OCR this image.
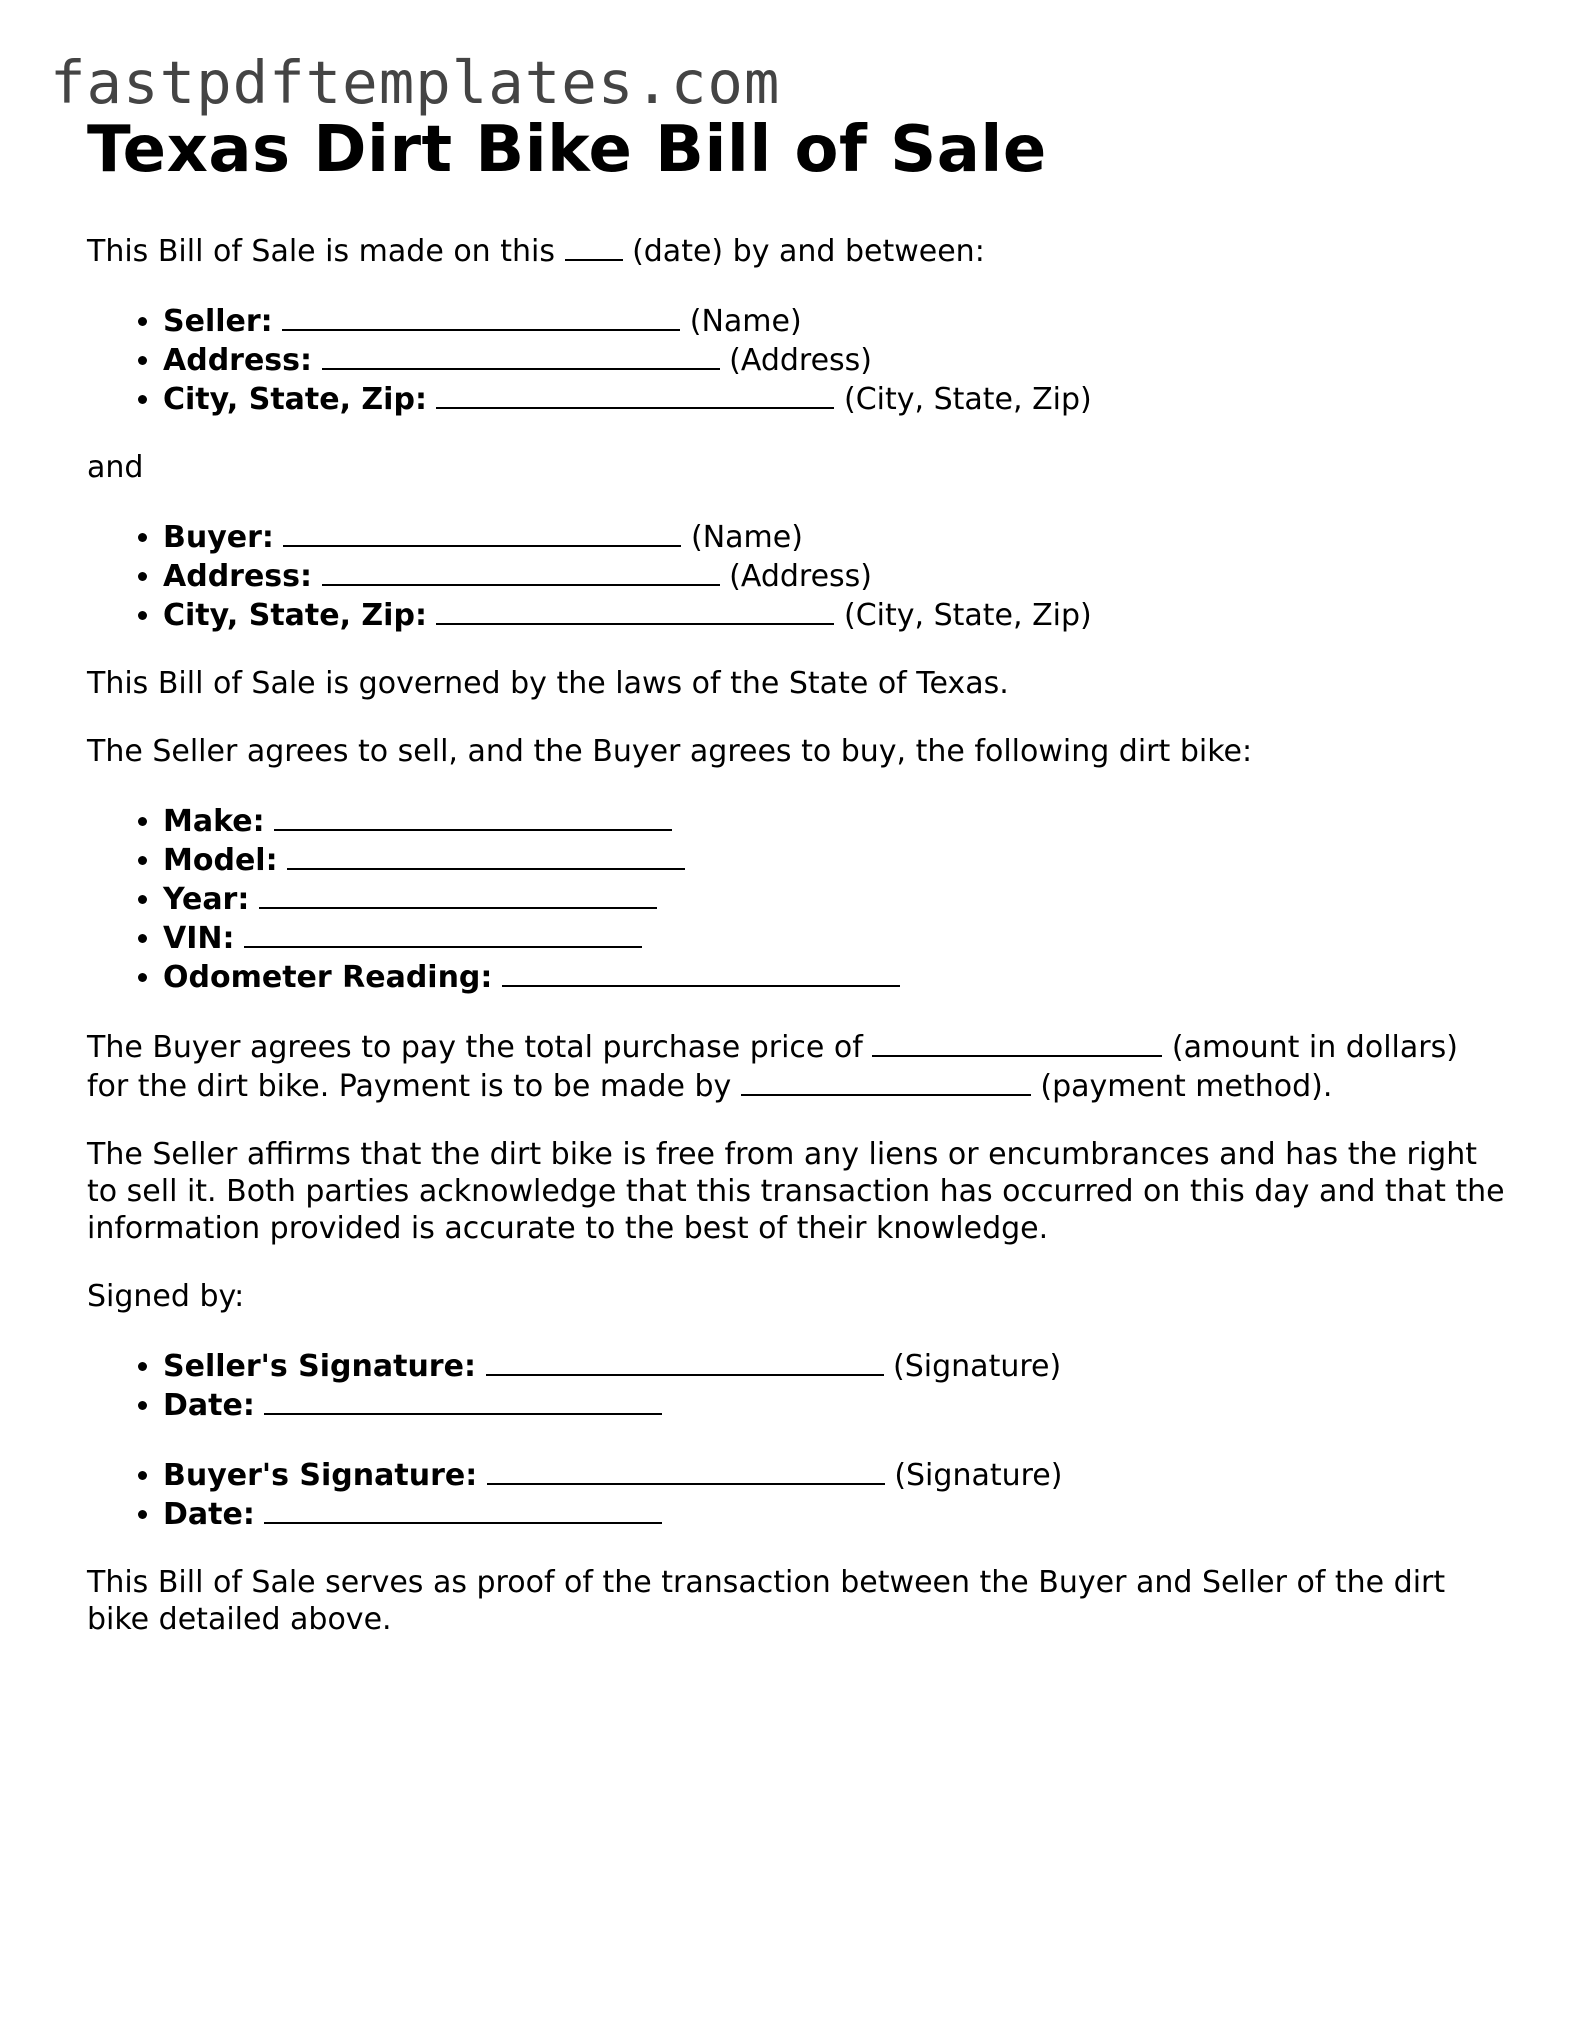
fastpdftemplates.com
Texas Dirt Bike Bill of Sale

This Bill of Sale is made on this	(date) by and between:

• Seller:	(Name)
• Address:	(Address)
• City, State, Zip:	(City, State, Zip)

and

• Buyer:	(Name)
• Address:	(Address)
• City, State, Zip:	(City, State, Zip)

This Bill of Sale is governed by the laws of the State of Texas.

The Seller agrees to sell, and the Buyer agrees to buy, the following dirt bike:

• Make:
• Model:
• Year:
• VIN:
• Odometer Reading:

The Buyer agrees to pay the total purchase price of	(amount in dollars) for the dirt bike. Payment is to be made by	(payment method).

The Seller affirms that the dirt bike is free from any liens or encumbrances and has the right to sell it. Both parties acknowledge that this transaction has occurred on this day and that the information provided is accurate to the best of their knowledge.

Signed by:

• Seller's Signature:	(Signature)
• Date:
• Buyer's Signature:	(Signature)
• Date:

This Bill of Sale serves as proof of the transaction between the Buyer and Seller of the dirt bike detailed above.
